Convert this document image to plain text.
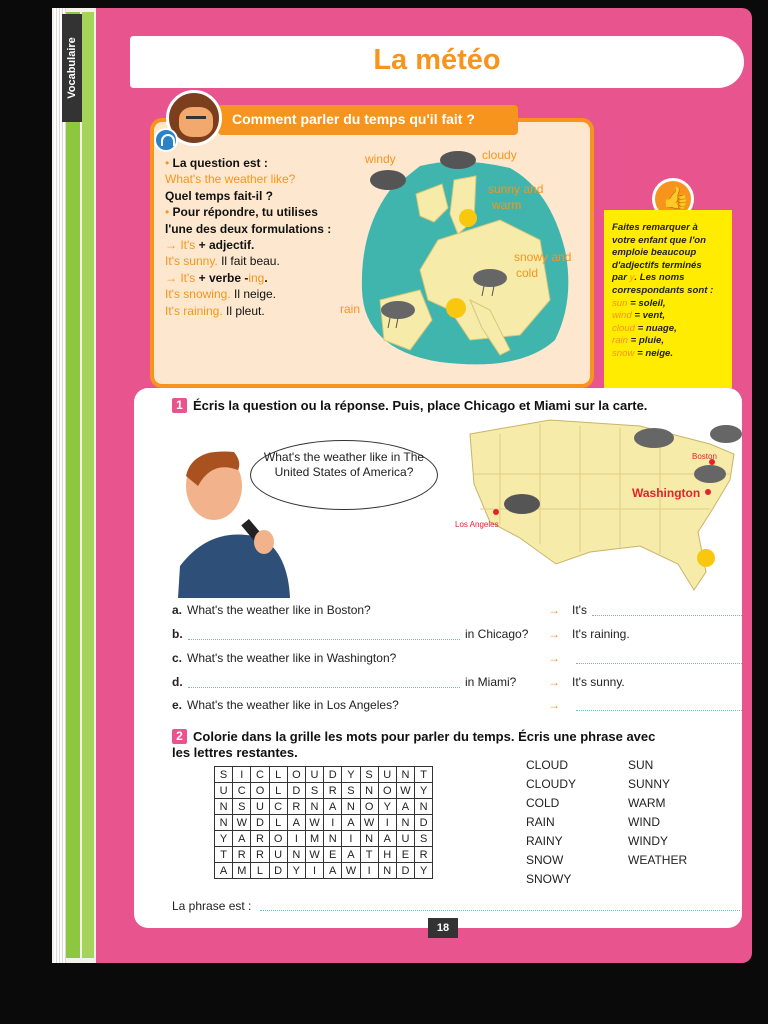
Vocabulaire	La météo
Comment parler du temps qu'il fait ?
• La question est :
What's the weather like?
Quel temps fait-il ?
• Pour répondre, tu utilises
l'une des deux formulations :
→ It's + adjectif.
It's sunny. Il fait beau.
→ It's + verbe -ing.
It's snowing. Il neige.
It's raining. Il pleut.
windy	cloudy
sunny and
warm
snowy and
cold
rain
👍
Faites remarquer à
votre enfant que l'on
emploie beaucoup
d'adjectifs terminés
par y. Les noms
correspondants sont :
sun = soleil,
wind = vent,
cloud = nuage,
rain = pluie,
snow = neige.
1 Écris la question ou la réponse. Puis, place Chicago et Miami sur la carte.
What's the weather like in The United States of America?
Boston
Washington
Los Angeles
a. What's the weather like in Boston?	→ It's
b.	in Chicago? → It's raining.
c. What's the weather like in Washington?	→
d.	in Miami?	→ It's sunny.
e. What's the weather like in Los Angeles?	→
2 Colorie dans la grille les mots pour parler du temps. Écris une phrase avec
les lettres restantes.
S	I	C	L	O	U	D	Y	S	U	N	T
U	C	O	L	D	S	R	S	N	O	W	Y
N	S	U	C	R	N	A	N	O	Y	A	N
N	W	D	L	A	W	I	A	W	I	N	D
Y	A	R	O	I	M	N	I	N	A	U	S
T	R	R	U	N	W	E	A	T	H	E	R
A	M	L	D	Y	I	A	W	I	N	D	Y
CLOUD
CLOUDY
COLD
RAIN
RAINY
SNOW
SNOWY
SUN
SUNNY
WARM
WIND
WINDY
WEATHER
La phrase est :
18
